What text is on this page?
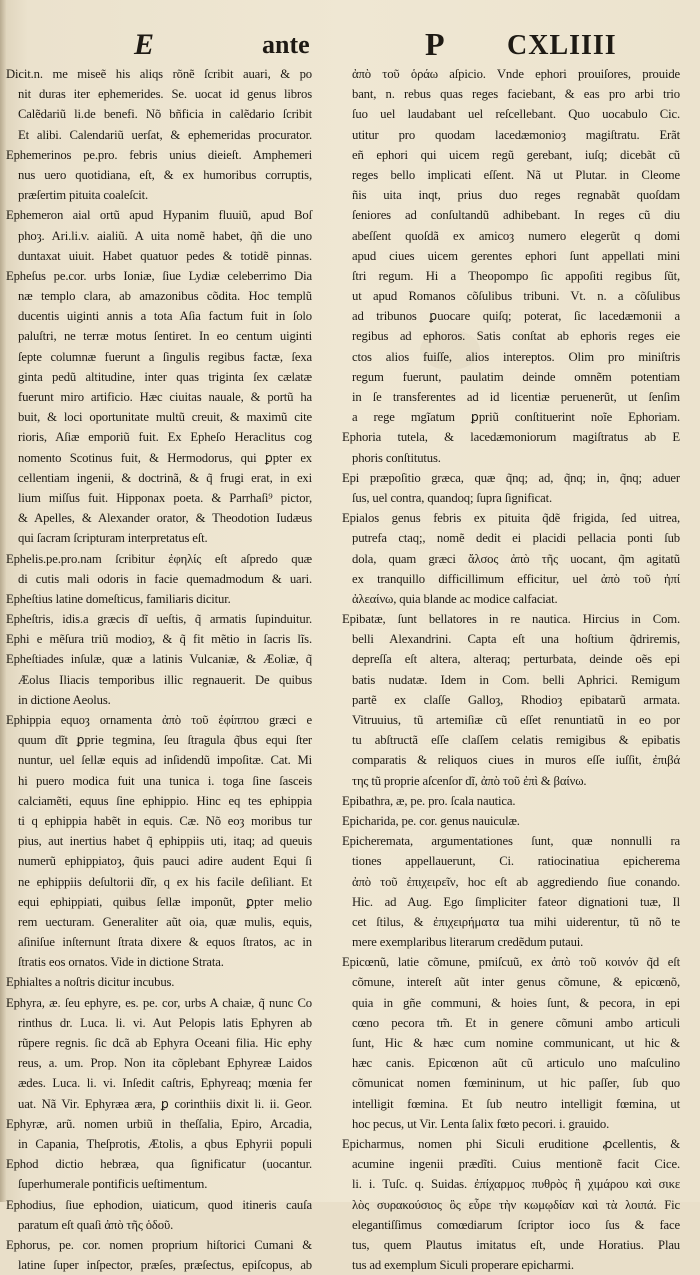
E	ante	P CXLIIII
Dicit.n. me miseẽ his aliqs rõnẽ ſcribit auari, & po
nit duras iter ephemerides. Se. uocat id genus libros
Calẽdariũ li.de benefi. Nõ bñficia in calẽdario ſcribit
Et alibi. Calendariũ uerſat, & ephemeridas procurator.
Ephemerinos pe.pro. febris unius dieieſt. Amphemeri
nus uero quotidiana, eſt, & ex humoribus corruptis,
præſertim pituita coaleſcit.
Ephemeron aial ortũ apud Hypanim fluuiũ, apud Boſ
phoȝ. Ari.li.v. aialiũ. A uita nomẽ habet, q̃ñ die uno
duntaxat uiuit. Habet quatuor pedes & totidẽ pinnas.
Epheſus pe.cor. urbs Ioniæ, ſiue Lydiæ celeberrimo Dia
næ templo clara, ab amazonibus cõdita. Hoc templũ
ducentis uiginti annis a tota Aſia factum fuit in ſolo
paluſtri, ne terræ motus ſentiret. In eo centum uiginti
ſepte columnæ fuerunt a ſingulis regibus factæ, ſexa
ginta pedũ altitudine, inter quas triginta ſex cælatæ
fuerunt miro artificio. Hæc ciuitas nauale, & portũ ha
buit, & loci oportunitate multũ creuit, & maximũ cite
rioris, Aſiæ emporiũ fuit. Ex Epheſo Heraclitus cog
nomento Scotinus fuit, & Hermodorus, qui ꝑpter ex
cellentiam ingenii, & doctrinã, & q̃ frugi erat, in exi
lium miſſus fuit. Hipponax poeta. & Parrhaſi⁹ pictor,
& Apelles, & Alexander orator, & Theodotion Iudæus
qui ſacram ſcripturam interpretatus eſt.
Ephelis.pe.pro.nam ſcribitur ἐφηλίς eſt aſpredo quæ
di cutis mali odoris in facie quemadmodum & uari.
Epheſtius latine domeſticus, familiaris dicitur.
Epheſtris, idis.a græcis dĩ ueſtis, q̃ armatis ſupinduitur.
Ephi e mẽſura triũ modioȝ, & q̃ fit mẽtio in ſacris lĩs.
Epheſtiades inſulæ, quæ a latinis Vulcaniæ, & Æoliæ, q̃
Æolus Iliacis temporibus illic regnauerit. De quibus
in dictione Aeolus.
Ephippia equoȝ ornamenta ἀπὸ τοῦ ἐφίππου græci e
quum dĩt ꝑprie tegmina, ſeu ſtragula q̃bus equi ſter
nuntur, uel ſellæ equis ad inſidendũ impoſitæ. Cat. Mi
hi puero modica fuit una tunica i. toga ſine ſasceis
calciamẽti, equus ſine ephippio. Hinc eq tes ephippia
ti q ephippia habẽt in equis. Cæ. Nõ eoȝ moribus tur
pius, aut inertius habet q̃ ephippiis uti, itaq; ad queuis
numerũ ephippiatoȝ, q̃uis pauci adire audent Equi ſi
ne ephippiis deſultorii dĩr, q ex his facile deſiliant. Et
equi ephippiati, quibus ſellæ imponũt, ꝑpter melio
rem uecturam. Generaliter aũt oia, quæ mulis, equis,
aſiniſue inſternunt ſtrata dixere & equos ſtratos, ac in
ſtratis eos ornatos. Vide in dictione Strata.
Ephialtes a noſtris dicitur incubus.
Ephyra, æ. ſeu ephyre, es. pe. cor, urbs A chaiæ, q̃ nunc Co
rinthus dr. Luca. li. vi. Aut Pelopis latis Ephyren ab
rũpere regnis. ſic dcã ab Ephyra Oceani filia. Hic ephy
reus, a. um. Prop. Non ita cõplebant Ephyreæ Laidos
ædes. Luca. li. vi. Inſedit caſtris, Ephyreaq; mœnia fer
uat. Nã Vir. Ephyræa æra, ꝑ corinthiis dixit li. ii. Geor.
Ephyræ, arũ. nomen urbiũ in theſſalia, Epiro, Arcadia,
in Capania, Theſprotis, Ætolis, a qbus Ephyrii populi
Ephod dictio hebræa, qua ſignificatur (uocantur.
ſuperhumerale pontificis ueſtimentum.
Ephodius, ſiue ephodion, uiaticum, quod itineris cauſa
paratum eſt quaſi ἀπὸ τῆς ὁδοῦ.
Ephorus, pe. cor. nomen proprium hiſtorici Cumani &
latine ſuper inſpector, præſes, præſectus, epiſcopus, ab
ἀπὸ τοῦ ὁράω aſpicio. Vnde ephori prouiſores, prouide
bant, n. rebus quas reges faciebant, & eas pro arbi trio
ſuo uel laudabant uel reſcellebant. Quo uocabulo Cic.
utitur pro quodam lacedæmonioȝ magiſtratu. Erãt
eñ ephori qui uicem regũ gerebant, iuſq; dicebãt cũ
reges bello implicati eſſent. Nã ut Plutar. in Cleome
ñis uita inqt, prius duo reges regnabãt quoſdam
ſeniores ad conſultandũ adhibebant. In reges cũ diu
abeſſent quoſdã ex amicoȝ numero elegerũt q domi
apud ciues uicem gerentes ephori ſunt appellati mini
ſtri regum. Hi a Theopompo ſic appoſiti regibus ſũt,
ut apud Romanos cõſulibus tribuni. Vt. n. a cõſulibus
ad tribunos ꝑuocare quiſq; poterat, ſic lacedæmonii a
regibus ad ephoros. Satis conſtat ab ephoris reges eie
ctos alios fuiſſe, alios intereptos. Olim pro miniſtris
regum fuerunt, paulatim deinde omnẽm potentiam
in ſe transferentes ad id licentiæ peruenerũt, ut ſenſim
a rege mgĩatum ꝑpriũ conſtituerint noĩe Ephoriam.
Ephoria tutela, & lacedæmoniorum magiſtratus ab E
phoris conſtitutus.
Epi præpoſitio græca, quæ q̃nq; ad, q̃nq; in, q̃nq; aduer
ſus, uel contra, quandoq; ſupra ſignificat.
Epialos genus febris ex pituita q̃dẽ frigida, ſed uitrea,
putrefa ctaq;, nomẽ dedit ei placidi pellacia ponti ſub
dola, quam græci ἄλσος ἀπὸ τῆς uocant, q̃m agitatũ
ex tranquillo difficillimum efficitur, uel ἀπὸ τοῦ ἠπί
ἀλεαίνω, quia blande ac modice calfaciat.
Epibatæ, ſunt bellatores in re nautica. Hircius in Com.
belli Alexandrini. Capta eſt una hoſtium q̃driremis,
depreſſa eſt altera, alteraq; perturbata, deinde oẽs epi
batis nudatæ. Idem in Com. belli Aphrici. Remigum
partẽ ex claſſe Galloȝ, Rhodioȝ epibatarũ armata.
Vitruuius, tũ artemiſiæ cũ eſſet renuntiatũ in eo por
tu abſtructã eſſe claſſem celatis remigibus & epibatis
comparatis & reliquos ciues in muros eſſe iuſſit, ἐπιβά
της tũ proprie aſcenſor dĩ, ἀπὸ τοῦ ἐπὶ & βαίνω.
Epibathra, æ, pe. pro. ſcala nautica.
Epicharida, pe. cor. genus nauiculæ.
Epicheremata, argumentationes ſunt, quæ nonnulli ra
tiones appellauerunt, Ci. ratiocinatiua epicherema
ἀπὸ τοῦ ἐπιχειρεῖν, hoc eſt ab aggrediendo ſiue conando.
Hic. ad Aug. Ego ſimpliciter fateor dignationi tuæ, Il
cet ſtilus, & ἐπιχειρήματα tua mihi uiderentur, tũ nõ te
mere exemplaribus literarum credẽdum putaui.
Epicœnũ, latie cõmune, pmiſcuũ, ex ἀπὸ τοῦ κοινόν q̃d eſt
cõmune, intereſt aũt inter genus cõmune, & epicœnõ,
quia in gñe communi, & hoies ſunt, & pecora, in epi
cœno pecora tm̃. Et in genere cõmuni ambo articuli
ſunt, Hic & hæc cum nomine communicant, ut hic &
hæc canis. Epicœnon aũt cũ articulo uno maſculino
cõmunicat nomen fœmininum, ut hic paſſer, ſub quo
intelligit fœmina. Et ſub neutro intelligit fœmina, ut
hoc pecus, ut Vir. Lenta ſalix fœto pecori. i. grauido.
Epicharmus, nomen phi Siculi eruditione ꝓcellentis, &
acumine ingenii prædĩti. Cuius mentionẽ facit Cice.
li. i. Tuſc. q. Suidas. ἐπίχαρμος πυθρὸς ἢ χιμάρου καὶ σικε
λὸς συρακούσιος ὃς εὗρε τὴν κωμῳδίαν καὶ τὰ λοιπά. Fic
elegantiſſimus comœdiarum ſcriptor ioco ſus & face
tus, quem Plautus imitatus eſt, unde Horatius. Plau
tus ad exemplum Siculi properare epicharmi.
